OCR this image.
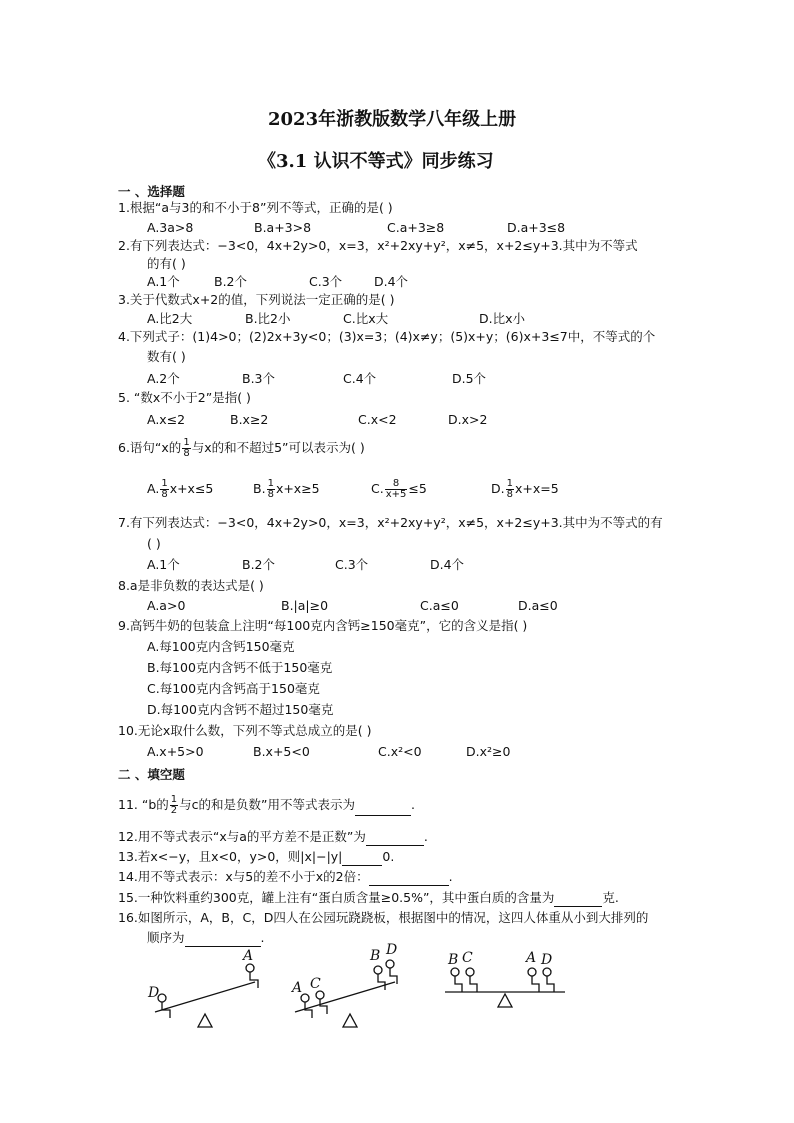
2023年浙教版数学八年级上册
《3.1 认识不等式》同步练习
一 、选择题
1.根据“a与3的和不小于8”列不等式，正确的是( )
A.3a>8	B.a+3>8	C.a+3≥8	D.a+3≤8
2.有下列表达式：−3<0，4x+2y>0，x=3，x²+2xy+y²，x≠5，x+2≤y+3.其中为不等式
的有( )
A.1个	B.2个	C.3个	D.4个
3.关于代数式x+2的值，下列说法一定正确的是( )
A.比2大	B.比2小	C.比x大	D.比x小
4.下列式子：(1)4>0；(2)2x+3y<0；(3)x=3；(4)x≠y；(5)x+y；(6)x+3≤7中，不等式的个
数有( )
A.2个	B.3个	C.4个	D.5个
5. “数x不小于2”是指( )
A.x≤2	B.x≥2	C.x<2	D.x>2
6.语句“x的 $\frac{1}{8}$ 与x的和不超过5”可以表示为( )
A. $\frac{1}{8} x+x\le 5$	B. $\frac{1}{8} x+x\ge 5$	C. $\frac{8}{x+5} \le 5$	D. $\frac{1}{8} x+x=5$
7.有下列表达式：−3<0，4x+2y>0，x=3，x²+2xy+y²，x≠5，x+2≤y+3.其中为不等式的有
( )
A.1个	B.2个	C.3个	D.4个
8.a是非负数的表达式是( )
A.a>0	B.|a|≥0	C.a≤0	D.a≤0
9.高钙牛奶的包装盒上注明“每100克内含钙≥150毫克”，它的含义是指( )
A.每100克内含钙150毫克
B.每100克内含钙不低于150毫克
C.每100克内含钙高于150毫克
D.每100克内含钙不超过150毫克
10.无论x取什么数，下列不等式总成立的是( )
A.x+5>0	B.x+5<0	C.x²<0	D.x²≥0
二 、填空题
11. “b的 $\frac{1}{2}$ 与c的和是负数”用不等式表示为	.
12.用不等式表示“x与a的平方差不是正数”为	.
13.若x<−y，且x<0，y>0，则|x|−|y|	0.
14.用不等式表示：x与5的差不小于x的2倍：	.
15.一种饮料重约300克，罐上注有“蛋白质含量≥0.5%”，其中蛋白质的含量为	克.
16.如图所示，A，B，C，D四人在公园玩跷跷板，根据图中的情况，这四人体重从小到大排列的
顺序为	.
D
A
A C
B D
B C	A D
